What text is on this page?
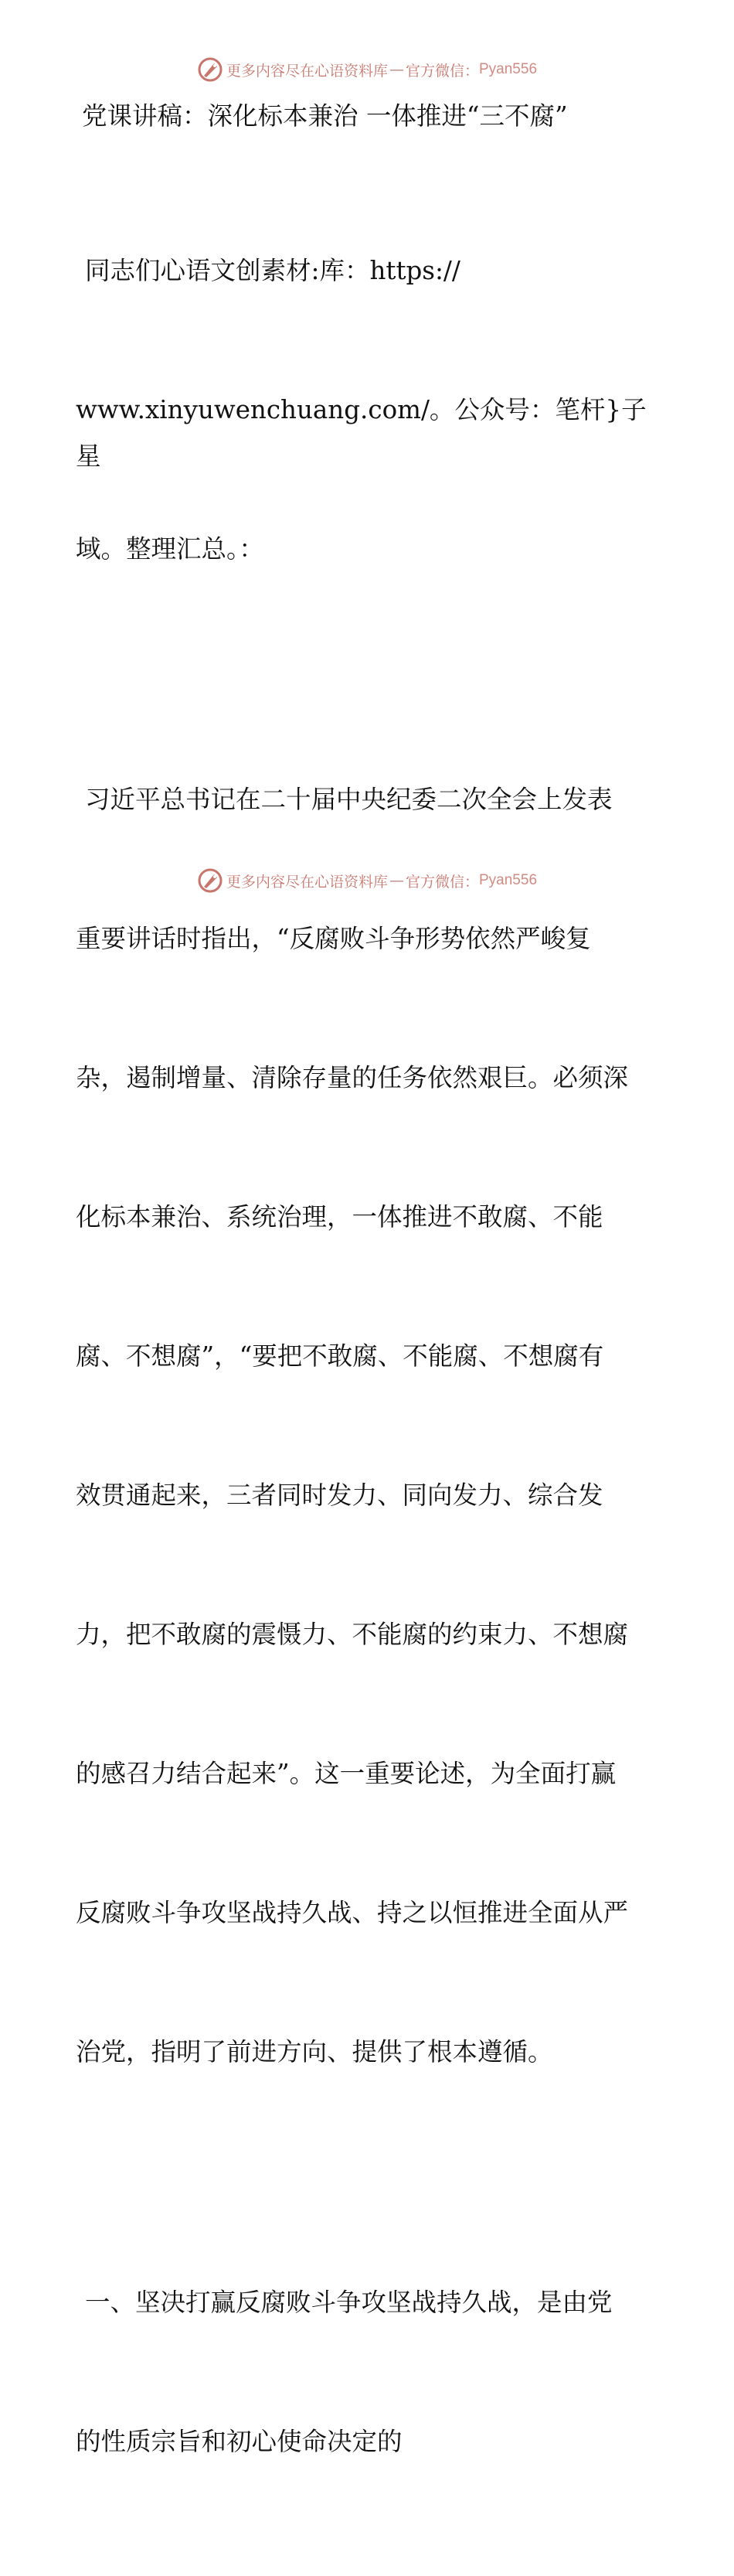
更多内容尽在心语资料库 — 官方微信： Pyan556
党课讲稿：深化标本兼治 一体推进“三不腐”

同志们心语文创素材:库：https://

www.xinyuwenchuang.com/。公众号：笔杆}子星

域。整理汇总。：

习近平总书记在二十届中央纪委二次全会上发表

重要讲话时指出，“反腐败斗争形势依然严峻复

杂，遏制增量、清除存量的任务依然艰巨。必须深

化标本兼治、系统治理，一体推进不敢腐、不能

腐、不想腐”，“要把不敢腐、不能腐、不想腐有

效贯通起来，三者同时发力、同向发力、综合发

力，把不敢腐的震慑力、不能腐的约束力、不想腐

的感召力结合起来”。这一重要论述，为全面打赢

反腐败斗争攻坚战持久战、持之以恒推进全面从严

治党，指明了前进方向、提供了根本遵循。

一、坚决打赢反腐败斗争攻坚战持久战，是由党

的性质宗旨和初心使命决定的

更多内容尽在心语资料库 — 官方微信： Pyan556
